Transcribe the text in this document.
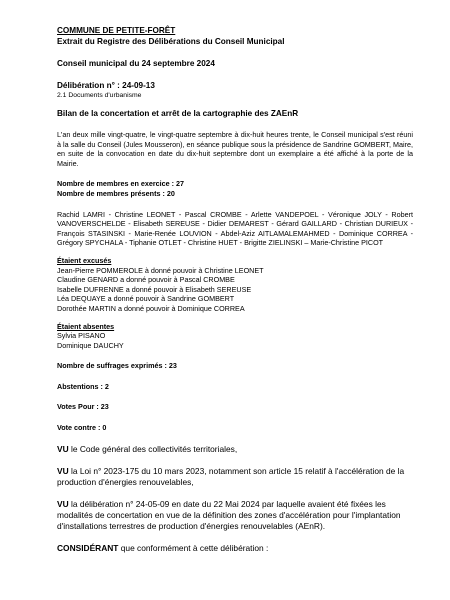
COMMUNE DE PETITE-FORÊT

Extrait du Registre des Délibérations du Conseil Municipal

Conseil municipal du 24 septembre 2024

Délibération n° : 24-09-13

2.1 Documents d'urbanisme

Bilan de la concertation et arrêt de la cartographie des ZAEnR

L'an deux mille vingt-quatre, le vingt-quatre septembre à dix-huit heures trente, le Conseil municipal s'est réuni à la salle du Conseil (Jules Mousseron), en séance publique sous la présidence de Sandrine GOMBERT, Maire, en suite de la convocation en date du dix-huit septembre dont un exemplaire a été affiché à la porte de la Mairie.

Nombre de membres en exercice : 27

Nombre de membres présents : 20

Rachid LAMRI - Christine LEONET - Pascal CROMBE - Arlette VANDEPOEL - Véronique JOLY - Robert VANOVERSCHELDE - Elisabeth SEREUSE - Didier DEMAREST - Gérard GAILLARD - Christian DURIEUX - François STASINSKI - Marie-Renée LOUVION - Abdel-Aziz AITLAMALEMAHMED - Dominique CORREA - Grégory SPYCHALA - Tiphanie OTLET - Christine HUET - Brigitte ZIELINSKI – Marie-Christine PICOT

Étaient excusés

Jean-Pierre POMMEROLE à donné pouvoir à Christine LEONET

Claudine GENARD a donné pouvoir à Pascal CROMBE

Isabelle DUFRENNE a donné pouvoir à Elisabeth SEREUSE

Léa DEQUAYE a donné pouvoir à Sandrine GOMBERT

Dorothée MARTIN a donné pouvoir à Dominique CORREA

Étaient absentes

Sylvia PISANO

Dominique DAUCHY

Nombre de suffrages exprimés : 23

Abstentions : 2

Votes Pour : 23

Vote contre : 0

VU le Code général des collectivités territoriales,

VU la Loi n° 2023-175 du 10 mars 2023, notamment son article 15 relatif à l'accélération de la production d'énergies renouvelables,

VU la délibération n° 24-05-09 en date du 22 Mai 2024 par laquelle avaient été fixées les modalités de concertation en vue de la définition des zones d'accélération pour l'implantation d'installations terrestres de production d'énergies renouvelables (AEnR).

CONSIDÉRANT que conformément à cette délibération :
